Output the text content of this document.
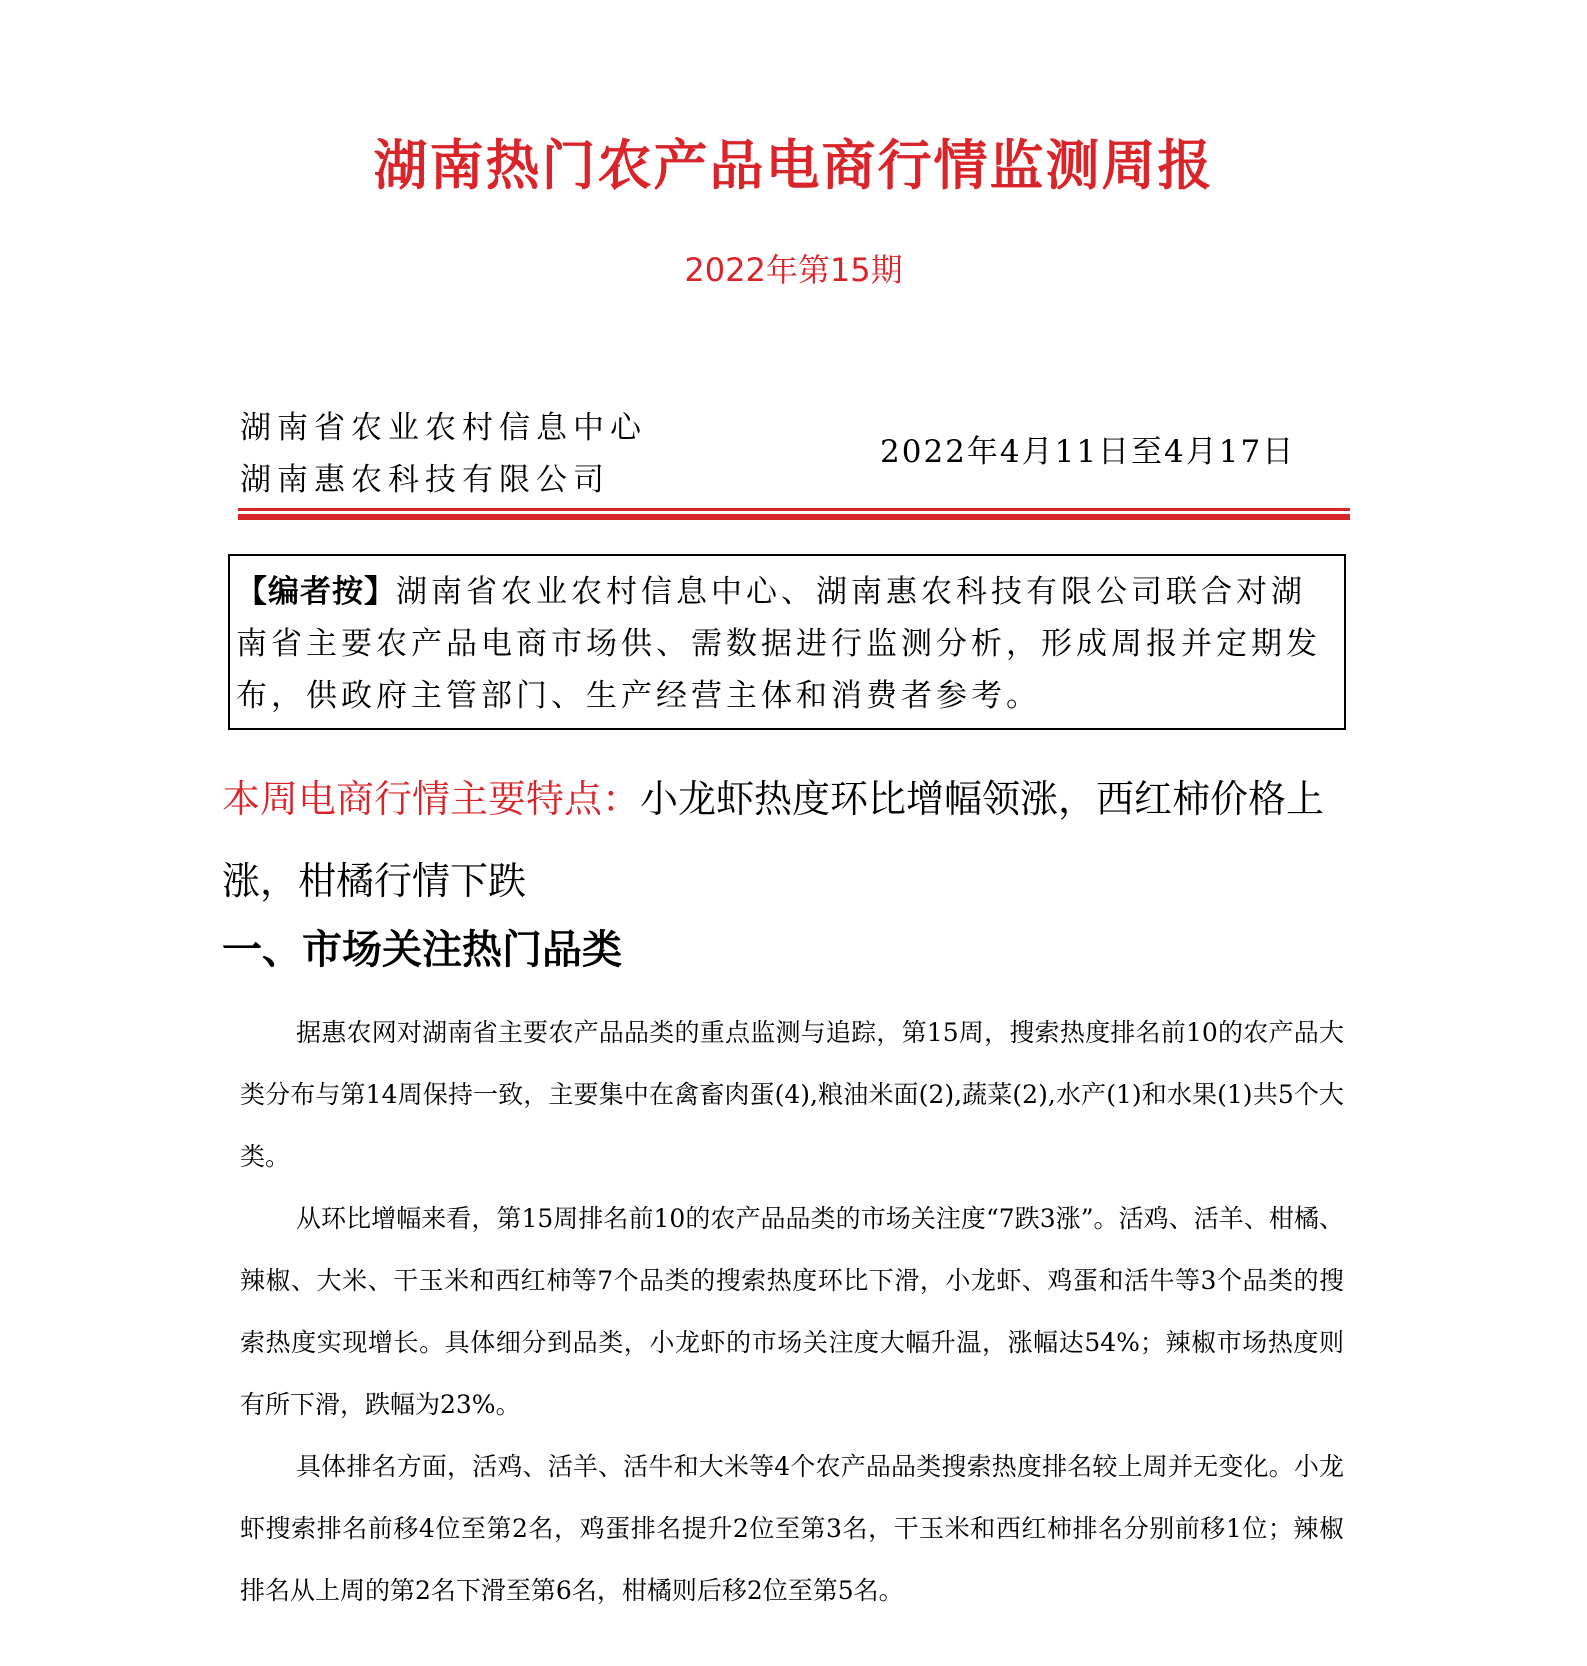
湖南热门农产品电商行情监测周报
2022年第15期
湖南省农业农村信息中心
湖南惠农科技有限公司
2022年4月11日至4月17日

【编者按】湖南省农业农村信息中心、湖南惠农科技有限公司联合对湖南省主要农产品电商市场供、需数据进行监测分析，形成周报并定期发布，供政府主管部门、生产经营主体和消费者参考。

本周电商行情主要特点：小龙虾热度环比增幅领涨，西红柿价格上涨，柑橘行情下跌
一、市场关注热门品类

据惠农网对湖南省主要农产品品类的重点监测与追踪，第15周，搜索热度排名前10的农产品大类分布与第14周保持一致，主要集中在禽畜肉蛋(4),粮油米面(2),蔬菜(2),水产(1)和水果(1)共5个大类。

从环比增幅来看，第15周排名前10的农产品品类的市场关注度“7跌3涨”。活鸡、活羊、柑橘、辣椒、大米、干玉米和西红柿等7个品类的搜索热度环比下滑，小龙虾、鸡蛋和活牛等3个品类的搜索热度实现增长。具体细分到品类，小龙虾的市场关注度大幅升温，涨幅达54%；辣椒市场热度则有所下滑，跌幅为23%。

具体排名方面，活鸡、活羊、活牛和大米等4个农产品品类搜索热度排名较上周并无变化。小龙虾搜索排名前移4位至第2名，鸡蛋排名提升2位至第3名，干玉米和西红柿排名分别前移1位；辣椒排名从上周的第2名下滑至第6名，柑橘则后移2位至第5名。
